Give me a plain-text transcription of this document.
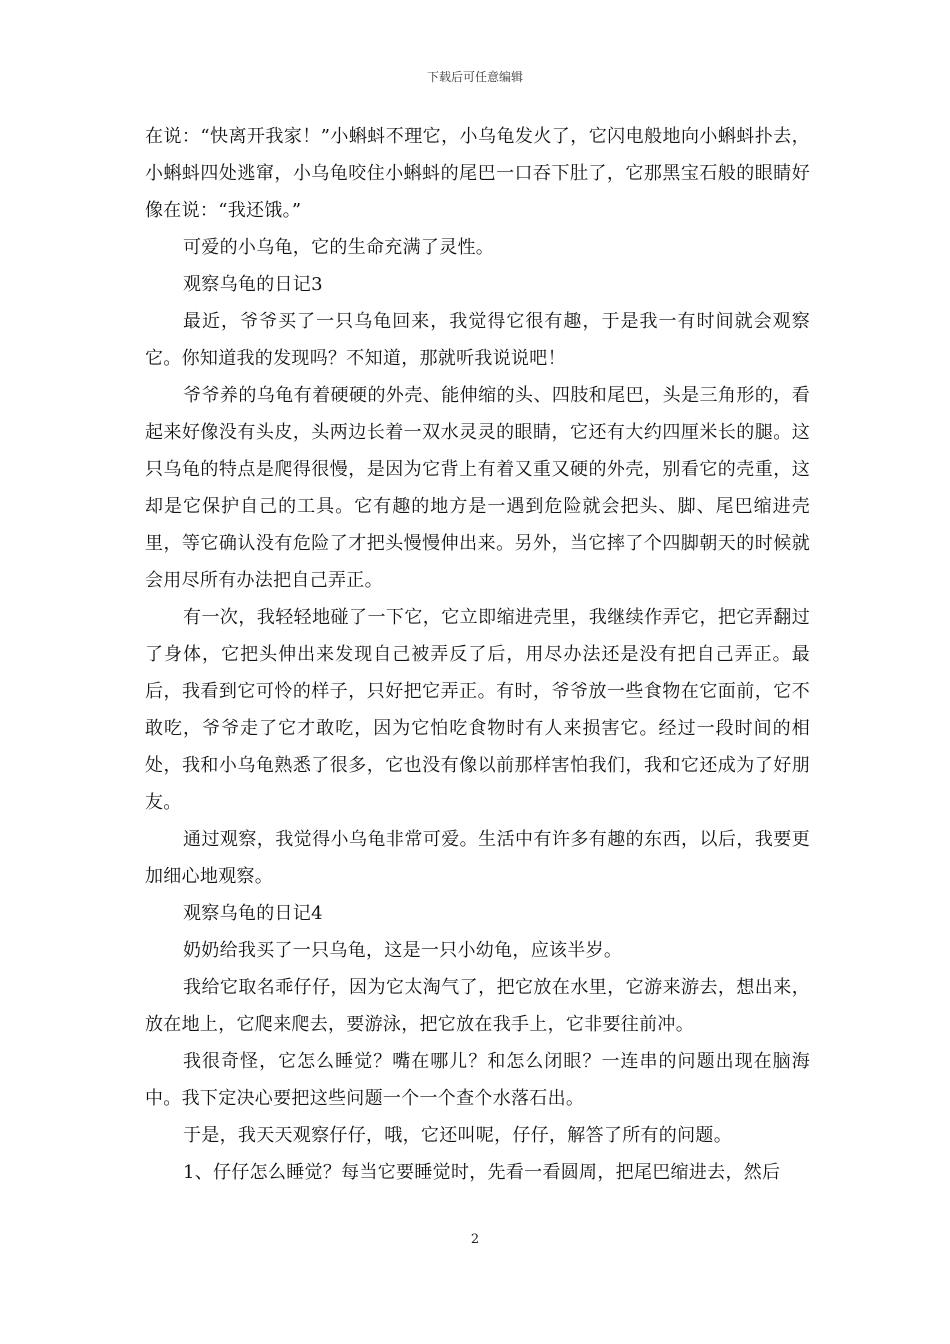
下载后可任意编辑

在说：“快离开我家！”小蝌蚪不理它，小乌龟发火了，它闪电般地向小蝌蚪扑去，小蝌蚪四处逃窜，小乌龟咬住小蝌蚪的尾巴一口吞下肚了，它那黑宝石般的眼睛好像在说：“我还饿。”

可爱的小乌龟，它的生命充满了灵性。

观察乌龟的日记3

最近，爷爷买了一只乌龟回来，我觉得它很有趣，于是我一有时间就会观察它。你知道我的发现吗？不知道，那就听我说说吧！

爷爷养的乌龟有着硬硬的外壳、能伸缩的头、四肢和尾巴，头是三角形的，看起来好像没有头皮，头两边长着一双水灵灵的眼睛，它还有大约四厘米长的腿。这只乌龟的特点是爬得很慢，是因为它背上有着又重又硬的外壳，别看它的壳重，这却是它保护自己的工具。它有趣的地方是一遇到危险就会把头、脚、尾巴缩进壳里，等它确认没有危险了才把头慢慢伸出来。另外，当它摔了个四脚朝天的时候就会用尽所有办法把自己弄正。

有一次，我轻轻地碰了一下它，它立即缩进壳里，我继续作弄它，把它弄翻过了身体，它把头伸出来发现自己被弄反了后，用尽办法还是没有把自己弄正。最后，我看到它可怜的样子，只好把它弄正。有时，爷爷放一些食物在它面前，它不敢吃，爷爷走了它才敢吃，因为它怕吃食物时有人来损害它。经过一段时间的相处，我和小乌龟熟悉了很多，它也没有像以前那样害怕我们，我和它还成为了好朋友。

通过观察，我觉得小乌龟非常可爱。生活中有许多有趣的东西，以后，我要更加细心地观察。

观察乌龟的日记4

奶奶给我买了一只乌龟，这是一只小幼龟，应该半岁。

我给它取名乖仔仔，因为它太淘气了，把它放在水里，它游来游去，想出来，放在地上，它爬来爬去，要游泳，把它放在我手上，它非要往前冲。

我很奇怪，它怎么睡觉？嘴在哪儿？和怎么闭眼？一连串的问题出现在脑海中。我下定决心要把这些问题一个一个查个水落石出。

于是，我天天观察仔仔，哦，它还叫呢，仔仔，解答了所有的问题。

1、仔仔怎么睡觉？每当它要睡觉时，先看一看圆周，把尾巴缩进去，然后

2
